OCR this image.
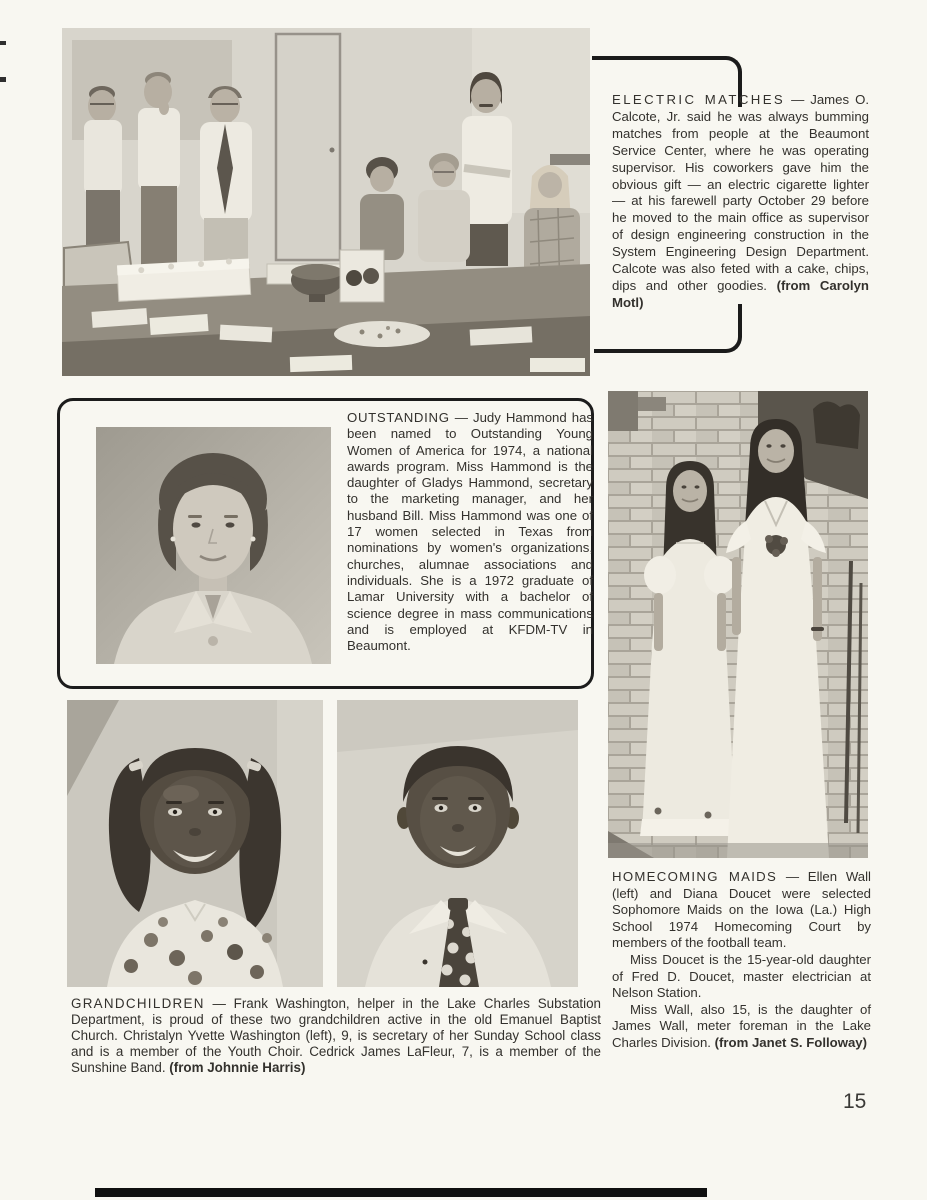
ELECTRIC MATCHES — James O. Calcote, Jr. said he was always bumming matches from people at the Beaumont Service Center, where he was operating supervisor. His coworkers gave him the obvious gift — an electric cigarette lighter — at his farewell party October 29 before he moved to the main office as supervisor of design engineering construction in the System Engineering Design Department. Calcote was also feted with a cake, chips, dips and other goodies. (from Carolyn Motl)

OUTSTANDING — Judy Hammond has been named to Outstanding Young Women of America for 1974, a national awards program. Miss Hammond is the daughter of Gladys Hammond, secretary to the marketing manager, and her husband Bill. Miss Hammond was one of 17 women selected in Texas from nominations by women's organizations, churches, alumnae associations and individuals. She is a 1972 graduate of Lamar University with a bachelor of science degree in mass communications and is employed at KFDM-TV in Beaumont.

GRANDCHILDREN — Frank Washington, helper in the Lake Charles Substation Department, is proud of these two grandchildren active in the old Emanuel Baptist Church. Christalyn Yvette Washington (left), 9, is secretary of her Sunday School class and is a member of the Youth Choir. Cedrick James LaFleur, 7, is a member of the Sunshine Band. (from Johnnie Harris)

HOMECOMING MAIDS — Ellen Wall (left) and Diana Doucet were selected Sophomore Maids on the Iowa (La.) High School 1974 Homecoming Court by members of the football team.

Miss Doucet is the 15-year-old daughter of Fred D. Doucet, master electrician at Nelson Station.

Miss Wall, also 15, is the daughter of James Wall, meter foreman in the Lake Charles Division. (from Janet S. Followay)

15
